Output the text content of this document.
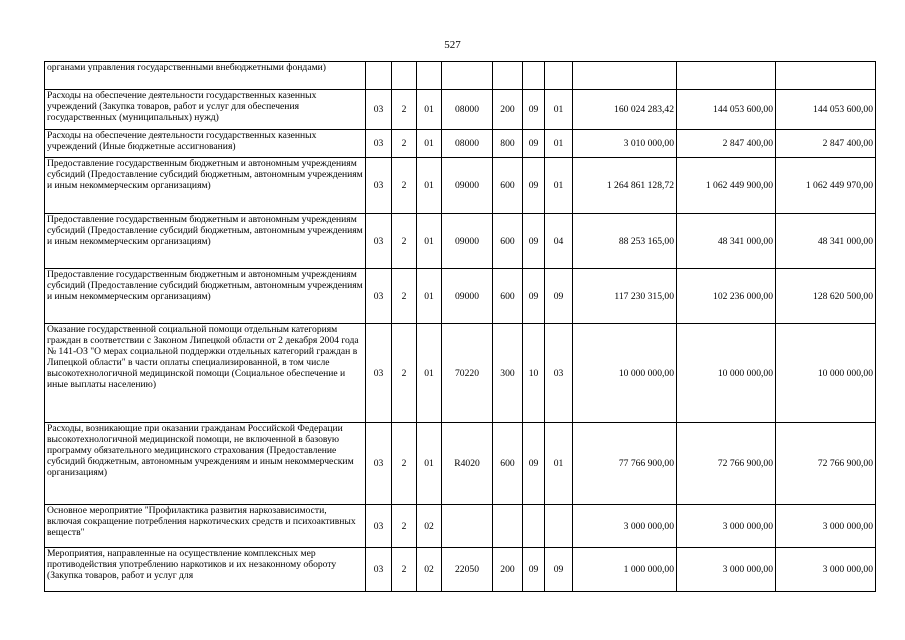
527
органами управления государственными внебюджетными фондами)										
Расходы на обеспечение деятельности государственных казенных учреждений (Закупка товаров, работ и услуг для обеспечения государственных (муниципальных) нужд)	03	2	01	08000	200	09	01	160 024 283,42	144 053 600,00	144 053 600,00
Расходы на обеспечение деятельности государственных казенных учреждений (Иные бюджетные ассигнования)	03	2	01	08000	800	09	01	3 010 000,00	2 847 400,00	2 847 400,00
Предоставление государственным бюджетным и автономным учреждениям субсидий (Предоставление субсидий бюджетным, автономным учреждениям и иным некоммерческим организациям)	03	2	01	09000	600	09	01	1 264 861 128,72	1 062 449 900,00	1 062 449 970,00
Предоставление государственным бюджетным и автономным учреждениям субсидий (Предоставление субсидий бюджетным, автономным учреждениям и иным некоммерческим организациям)	03	2	01	09000	600	09	04	88 253 165,00	48 341 000,00	48 341 000,00
Предоставление государственным бюджетным и автономным учреждениям субсидий (Предоставление субсидий бюджетным, автономным учреждениям и иным некоммерческим организациям)	03	2	01	09000	600	09	09	117 230 315,00	102 236 000,00	128 620 500,00
Оказание государственной социальной помощи отдельным категориям граждан в соответствии с Законом Липецкой области от 2 декабря 2004 года № 141-ОЗ "О мерах социальной поддержки отдельных категорий граждан в Липецкой области" в части оплаты специализированной, в том числе высокотехнологичной медицинской помощи (Социальное обеспечение и иные выплаты населению)	03	2	01	70220	300	10	03	10 000 000,00	10 000 000,00	10 000 000,00
Расходы, возникающие при оказании гражданам Российской Федерации высокотехнологичной медицинской помощи, не включенной в базовую программу обязательного медицинского страхования (Предоставление субсидий бюджетным, автономным учреждениям и иным некоммерческим организациям)	03	2	01	R4020	600	09	01	77 766 900,00	72 766 900,00	72 766 900,00
Основное мероприятие "Профилактика развития наркозависимости, включая сокращение потребления наркотических средств и психоактивных веществ"	03	2	02					3 000 000,00	3 000 000,00	3 000 000,00
Мероприятия, направленные на осуществление комплексных мер противодействия употреблению наркотиков и их незаконному обороту (Закупка товаров, работ и услуг для	03	2	02	22050	200	09	09	1 000 000,00	3 000 000,00	3 000 000,00
